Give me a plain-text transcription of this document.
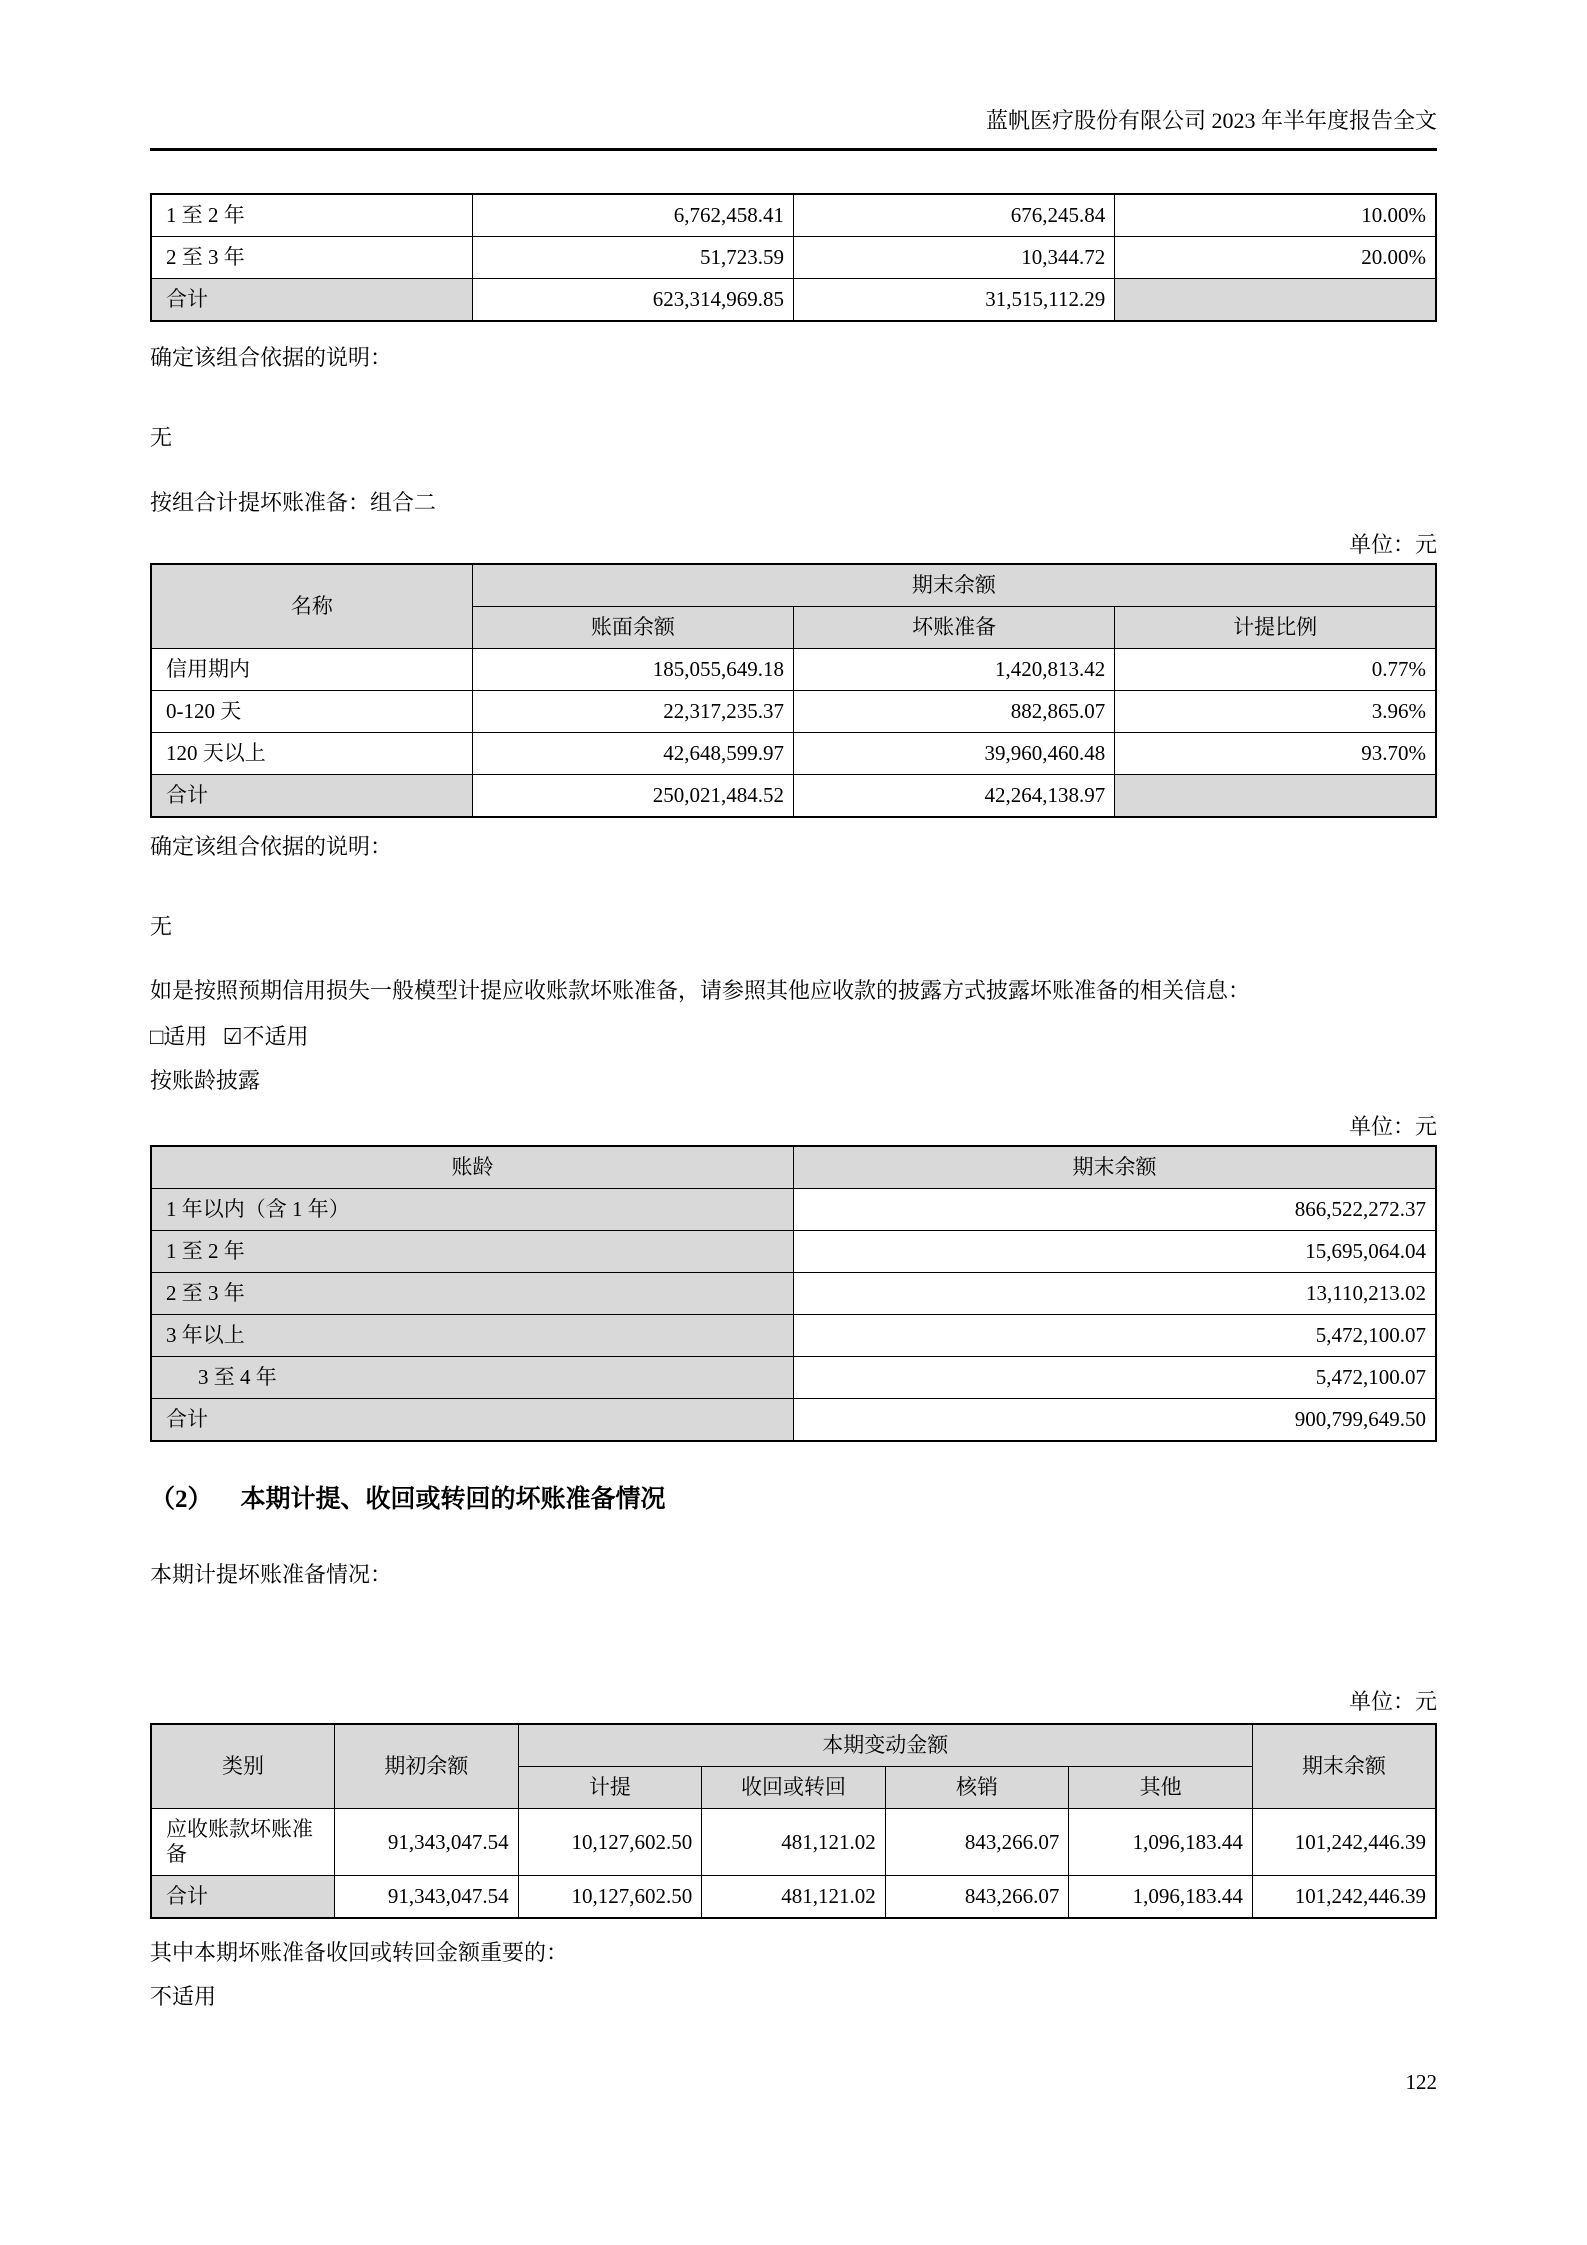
蓝帆医疗股份有限公司 2023 年半年度报告全文
1 至 2 年	6,762,458.41	676,245.84	10.00%
2 至 3 年	51,723.59	10,344.72	20.00%
合计	623,314,969.85	31,515,112.29	
确定该组合依据的说明：
无
按组合计提坏账准备：组合二
单位：元
名称	期末余额		
	账面余额	坏账准备	计提比例
信用期内	185,055,649.18	1,420,813.42	0.77%
0-120 天	22,317,235.37	882,865.07	3.96%
120 天以上	42,648,599.97	39,960,460.48	93.70%
合计	250,021,484.52	42,264,138.97	
确定该组合依据的说明：
无
如是按照预期信用损失一般模型计提应收账款坏账准备，请参照其他应收款的披露方式披露坏账准备的相关信息：
□适用 ☑不适用
按账龄披露
单位：元
账龄	期末余额
1 年以内（含 1 年）	866,522,272.37
1 至 2 年	15,695,064.04
2 至 3 年	13,110,213.02
3 年以上	5,472,100.07
3 至 4 年	5,472,100.07
合计	900,799,649.50
（2） 本期计提、收回或转回的坏账准备情况
本期计提坏账准备情况：
单位：元
类别	期初余额	本期变动金额				期末余额
		计提	收回或转回	核销	其他	
应收账款坏账准备	91,343,047.54	10,127,602.50	481,121.02	843,266.07	1,096,183.44	101,242,446.39
合计	91,343,047.54	10,127,602.50	481,121.02	843,266.07	1,096,183.44	101,242,446.39
其中本期坏账准备收回或转回金额重要的：
不适用
122
